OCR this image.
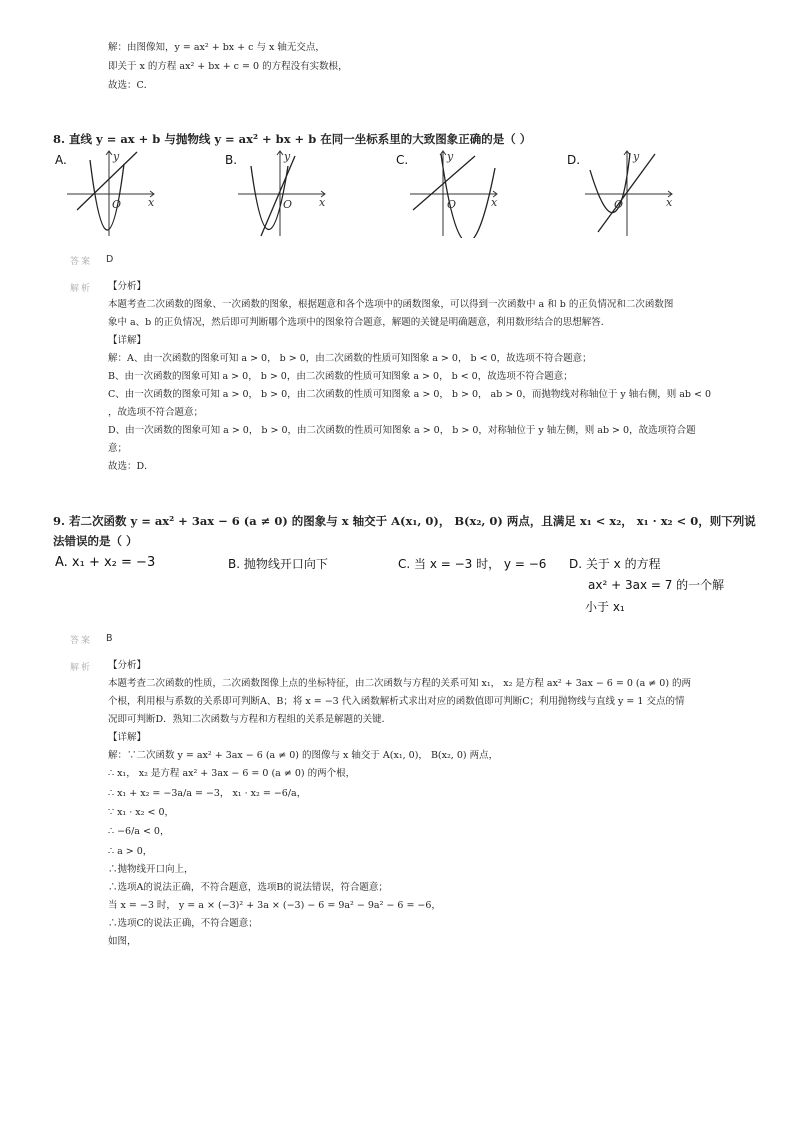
解：由图像知，y = ax² + bx + c 与 x 轴无交点，
即关于 x 的方程 ax² + bx + c = 0 的方程没有实数根，
故选：C．
8. 直线 y = ax + b 与抛物线 y = ax² + bx + b 在同一坐标系里的大致图象正确的是（ ）
A.	B.	C.	D.
y
O x
y
O x
y
O	x
y
O	x
答案 D
解析 【分析】
本题考查二次函数的图象、一次函数的图象，根据题意和各个选项中的函数图象，可以得到一次函数中 a 和 b 的正负情况和二次函数图
象中 a、b 的正负情况，然后即可判断哪个选项中的图象符合题意，解题的关键是明确题意，利用数形结合的思想解答．
【详解】
解：A、由一次函数的图象可知 a > 0， b > 0，由二次函数的性质可知图象 a > 0， b < 0，故选项不符合题意；
B、由一次函数的图象可知 a > 0， b > 0，由二次函数的性质可知图象 a > 0， b < 0，故选项不符合题意；
C、由一次函数的图象可知 a > 0， b > 0，由二次函数的性质可知图象 a > 0， b > 0， ab > 0，而抛物线对称轴位于 y 轴右侧，则 ab < 0
，故选项不符合题意；
D、由一次函数的图象可知 a > 0， b > 0，由二次函数的性质可知图象 a > 0， b > 0，对称轴位于 y 轴左侧，则 ab > 0，故选项符合题
意；
故选：D．
9. 若二次函数 y = ax² + 3ax − 6 (a ≠ 0) 的图象与 x 轴交于 A(x₁, 0)， B(x₂, 0) 两点，且满足 x₁ < x₂， x₁ · x₂ < 0，则下列说
法错误的是（ ）
A. x₁ + x₂ = −3	B. 抛物线开口向下	C. 当 x = −3 时， y = −6 D. 关于 x 的方程
ax² + 3ax = 7 的一个解
小于 x₁
答案 B
解析 【分析】
本题考查二次函数的性质，二次函数图像上点的坐标特征，由二次函数与方程的关系可知 x₁， x₂ 是方程 ax² + 3ax − 6 = 0 (a ≠ 0) 的两
个根，利用根与系数的关系即可判断A、B；将 x = −3 代入函数解析式求出对应的函数值即可判断C；利用抛物线与直线 y = 1 交点的情
况即可判断D．熟知二次函数与方程和方程组的关系是解题的关键．
【详解】
解：∵二次函数 y = ax² + 3ax − 6 (a ≠ 0) 的图像与 x 轴交于 A(x₁, 0)， B(x₂, 0) 两点，
∴ x₁， x₂ 是方程 ax² + 3ax − 6 = 0 (a ≠ 0) 的两个根，
∴ x₁ + x₂ = −3a/a = −3， x₁ · x₂ = −6/a，
∵ x₁ · x₂ < 0，
∴ −6/a < 0，
∴ a > 0，
∴抛物线开口向上，
∴选项A的说法正确，不符合题意，选项B的说法错误，符合题意；
当 x = −3 时， y = a × (−3)² + 3a × (−3) − 6 = 9a² − 9a² − 6 = −6，
∴选项C的说法正确，不符合题意；
如图，
